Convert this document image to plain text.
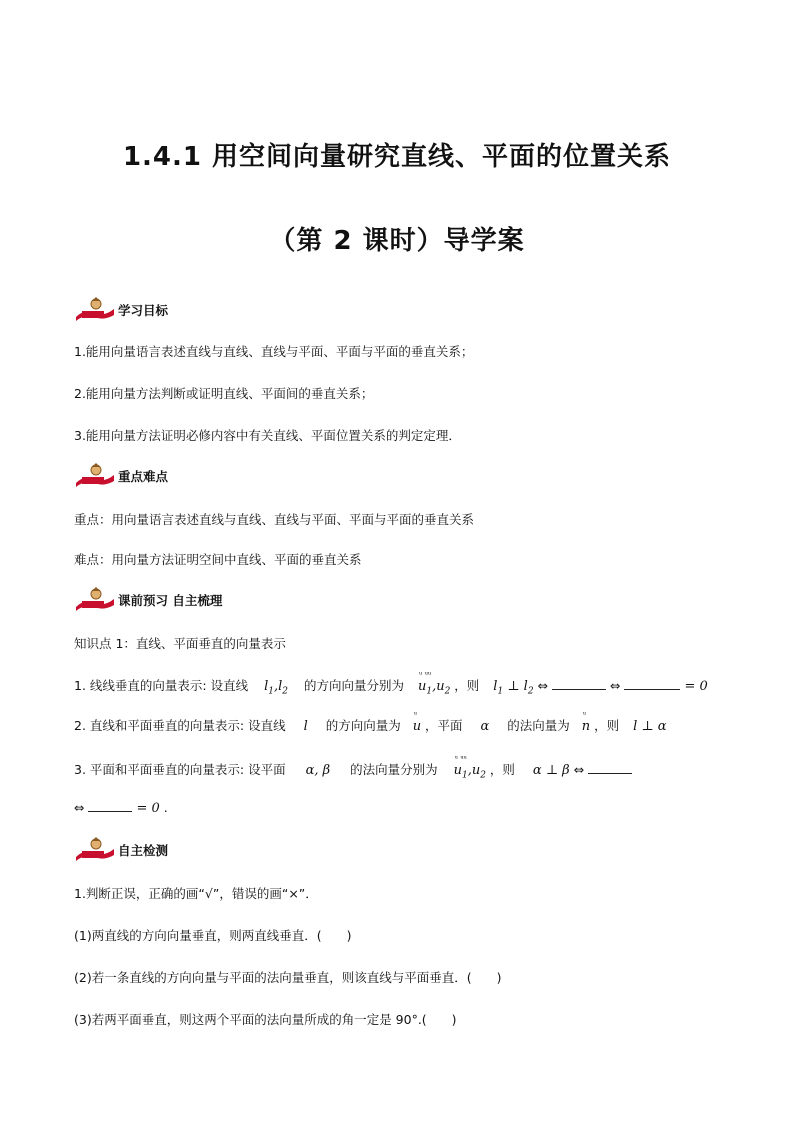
1.4.1 用空间向量研究直线、平面的位置关系
（第 2 课时）导学案
学习目标
1.能用向量语言表述直线与直线、直线与平面、平面与平面的垂直关系；
2.能用向量方法判断或证明直线、平面间的垂直关系；
3.能用向量方法证明必修内容中有关直线、平面位置关系的判定定理．
重点难点
重点：用向量语言表述直线与直线、直线与平面、平面与平面的垂直关系
难点：用向量方法证明空间中直线、平面的垂直关系
课前预习 自主梳理
知识点 1：直线、平面垂直的向量表示
1. 线线垂直的向量表示: 设直线 $l_1,l_2$ 的方向向量分别为
ᵘ ᵘᵘ
$u_1,u_2$ ，则 $l_1$ ⊥ $l_2$ ⇔	⇔	= 0
2. 直线和平面垂直的向量表示: 设直线 l 的方向向量为
ᵘ
u ，平面 α 的法向量为
ᵘ
n ，则 l ⊥ α
3. 平面和平面垂直的向量表示: 设平面 α, β 的法向量分别为
ᵘ ᵘᵘ
$u_1,u_2$ ，则 α ⊥ β ⇔
⇔	= 0 .
自主检测
1.判断正误，正确的画“√”，错误的画“×”．
(1)两直线的方向向量垂直，则两直线垂直．(　　)
(2)若一条直线的方向向量与平面的法向量垂直，则该直线与平面垂直．(　　)
(3)若两平面垂直，则这两个平面的法向量所成的角一定是 90°.(　　)
